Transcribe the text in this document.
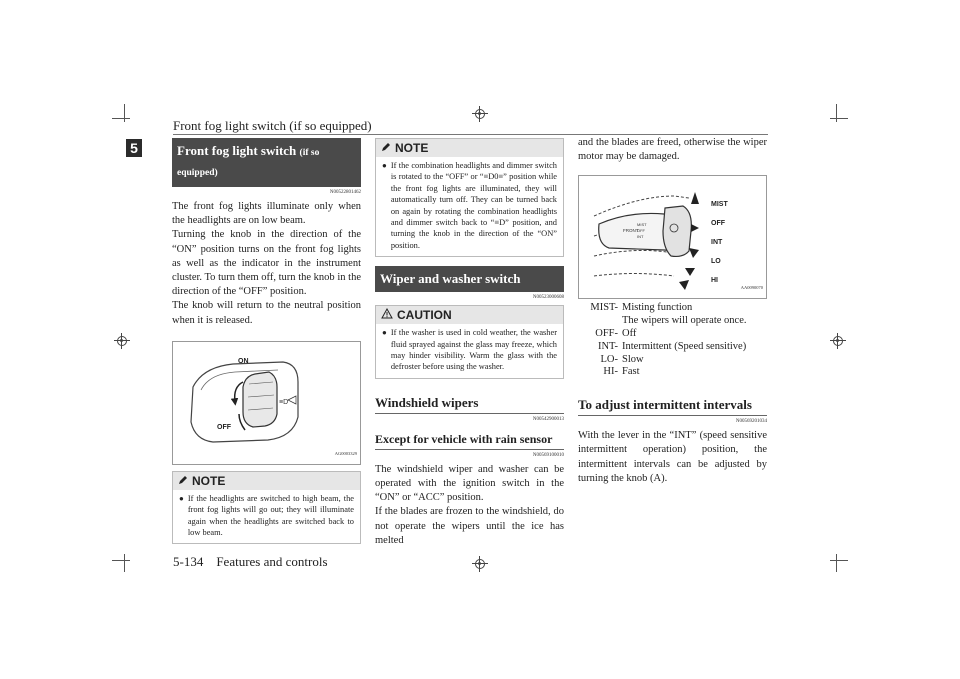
Front fog light switch (if so equipped)
5	Front fog light switch (if so equipped)
N00522801462

The front fog lights illuminate only when the headlights are on low beam.

Turning the knob in the direction of the “ON” position turns on the front fog lights as well as the indicator in the instrument cluster. To turn them off, turn the knob in the direction of the “OFF” position.

The knob will return to the neutral position when it is released.

≡D
ON
OFF
AG0003329
NOTE
● If the headlights are switched to high beam, the front fog lights will go out; they will illuminate again when the headlights are switched back to low beam.
NOTE
● If the combination headlights and dimmer switch is rotated to the “OFF” or “≡D0≡” position while the front fog lights are illuminated, they will automatically turn off. They can be turned back on again by rotating the combination headlights and dimmer switch back to “≡D” position, and turning the knob in the direction of the “ON” position.
Wiper and washer switch
N00523000608
CAUTION
● If the washer is used in cold weather, the washer fluid sprayed against the glass may freeze, which may hinder visibility. Warm the glass with the defroster before using the washer.
Windshield wipers
N00542900013
Except for vehicle with rain sensor
N00569100010

The windshield wiper and washer can be operated with the ignition switch in the “ON” or “ACC” position.

If the blades are frozen to the windshield, do not operate the wipers until the ice has melted

and the blades are freed, otherwise the wiper motor may be damaged.

FRONT
MIST
OFF
INT
MIST
OFF
INT
LO
HI
AA0090070
MIST- Misting function
The wipers will operate once.
OFF- Off
INT- Intermittent (Speed sensitive)
LO- Slow
HI- Fast
To adjust intermittent intervals
N00569201034

With the lever in the “INT” (speed sensitive intermittent operation) position, the intermittent intervals can be adjusted by turning the knob (A).

5-134    Features and controls
